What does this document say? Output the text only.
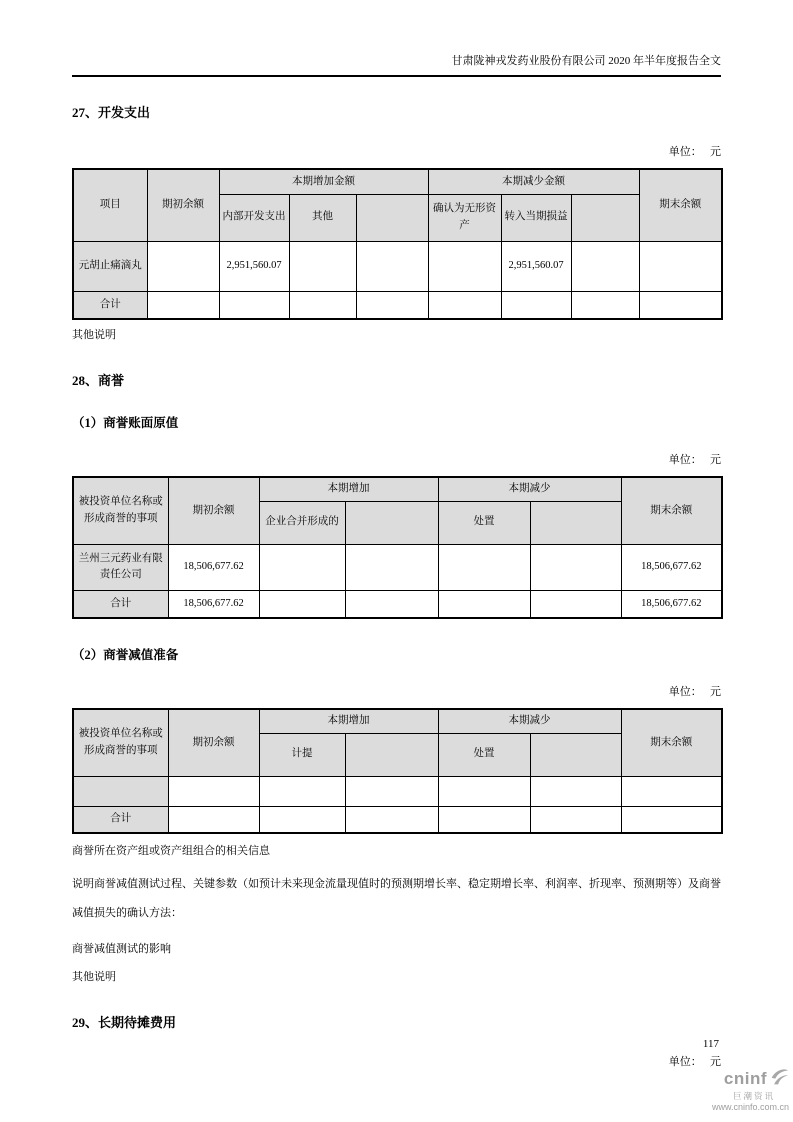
甘肃陇神戎发药业股份有限公司 2020 年半年度报告全文
27、开发支出
单位：   元
项目	期初余额	本期增加金额			本期减少金额			期末余额
		内部开发支出	其他		确认为无形资产	转入当期损益		
元胡止痛滴丸		2,951,560.07				2,951,560.07		
合计								
其他说明
28、商誉
（1）商誉账面原值
单位：   元
被投资单位名称或形成商誉的事项	期初余额	本期增加		本期减少		期末余额
		企业合并形成的		处置		
兰州三元药业有限责任公司	18,506,677.62					18,506,677.62
合计	18,506,677.62					18,506,677.62
（2）商誉减值准备
单位：   元
被投资单位名称或形成商誉的事项	期初余额	本期增加		本期减少		期末余额
		计提		处置		

合计						
商誉所在资产组或资产组组合的相关信息
说明商誉减值测试过程、关键参数（如预计未来现金流量现值时的预测期增长率、稳定期增长率、利润率、折现率、预测期等）及商誉减值损失的确认方法：
商誉减值测试的影响
其他说明
29、长期待摊费用
单位：   元
117
cninf
巨潮资讯
www.cninfo.com.cn
